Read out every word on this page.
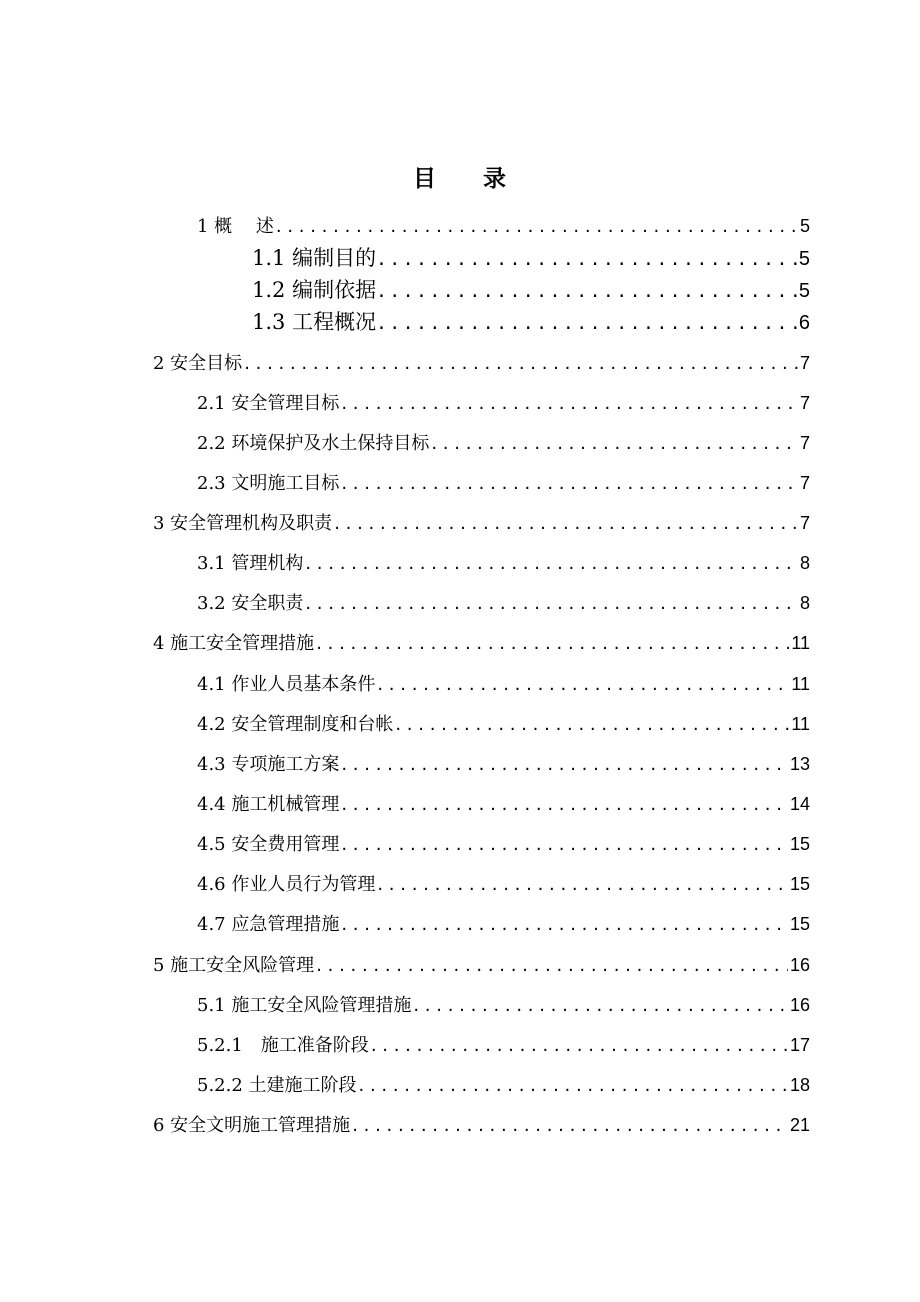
目 录
1 概　 述 . . .	5
1.1 编制目的 . . .	5
1.2 编制依据 . . .	5
1.3 工程概况 . . .	6
2 安全目标 . . .	7
2.1 安全管理目标 . . .	7
2.2 环境保护及水土保持目标 . . .	7
2.3 文明施工目标 . . .	7
3 安全管理机构及职责 . . .	7
3.1 管理机构 . . .	8
3.2 安全职责 . . .	8
4 施工安全管理措施 . . .	11
4.1 作业人员基本条件 . . .	11
4.2 安全管理制度和台帐 . . .	11
4.3 专项施工方案 . . .	13
4.4 施工机械管理 . . .	14
4.5 安全费用管理 . . .	15
4.6 作业人员行为管理 . . .	15
4.7 应急管理措施 . . .	15
5 施工安全风险管理 . . .	16
5.1 施工安全风险管理措施 . . .	16
5.2.1　施工准备阶段 . . .	17
5.2.2 土建施工阶段 . . .	18
6 安全文明施工管理措施 . . .	21
